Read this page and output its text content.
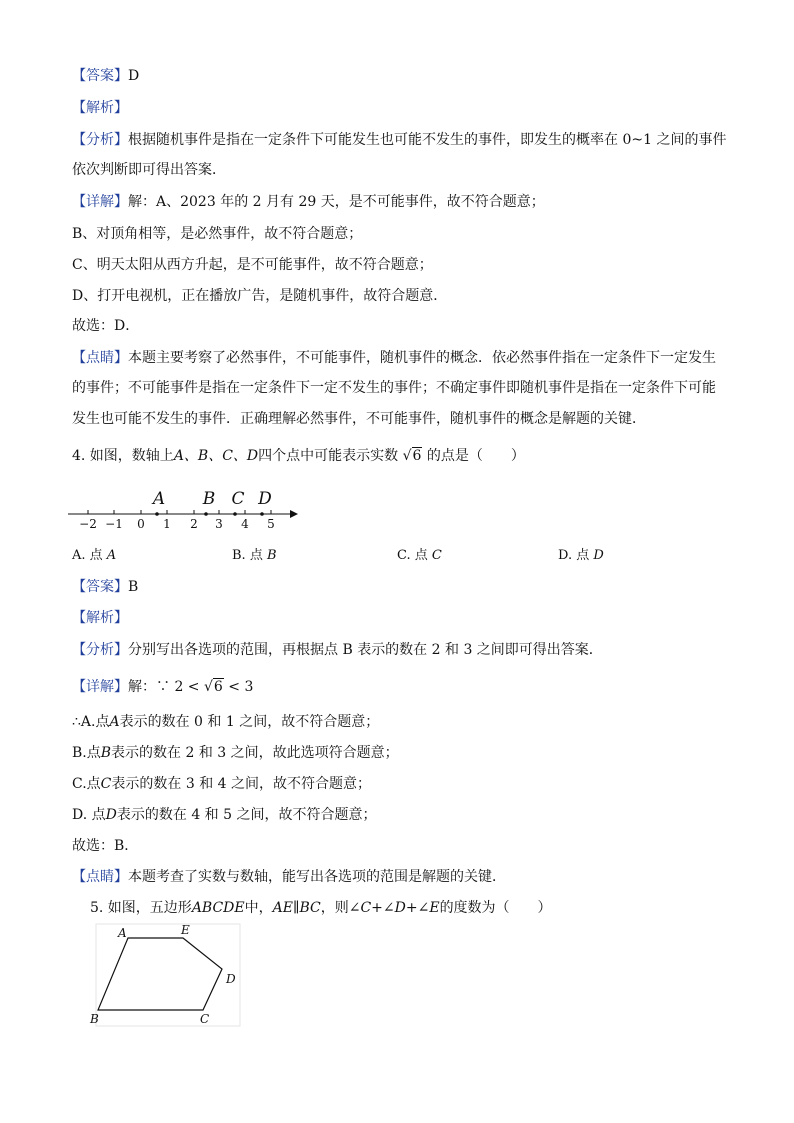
【答案】D
【解析】
【分析】根据随机事件是指在一定条件下可能发生也可能不发生的事件，即发生的概率在 0~1 之间的事件
依次判断即可得出答案．
【详解】解：A、2023 年的 2 月有 29 天，是不可能事件，故不符合题意；
B、对顶角相等，是必然事件，故不符合题意；
C、明天太阳从西方升起，是不可能事件，故不符合题意；
D、打开电视机，正在播放广告，是随机事件，故符合题意．
故选：D．
【点睛】本题主要考察了必然事件，不可能事件，随机事件的概念．依必然事件指在一定条件下一定发生
的事件；不可能事件是指在一定条件下一定不发生的事件；不确定事件即随机事件是指在一定条件下可能
发生也可能不发生的事件．正确理解必然事件，不可能事件，随机事件的概念是解题的关键．
4. 如图，数轴上A、B、C、D四个点中可能表示实数 √6 的点是（　　）
−2 −1 0 1 2 3 4 5
A B C D
A. 点 A	B. 点 B	C. 点 C	D. 点 D
【答案】B
【解析】
【分析】分别写出各选项的范围，再根据点 B 表示的数在 2 和 3 之间即可得出答案．
【详解】解：∵ 2 < √6 < 3
∴A.点A表示的数在 0 和 1 之间，故不符合题意；
B.点B表示的数在 2 和 3 之间，故此选项符合题意；
C.点C表示的数在 3 和 4 之间，故不符合题意；
D. 点D表示的数在 4 和 5 之间，故不符合题意；
故选：B．
【点睛】本题考查了实数与数轴，能写出各选项的范围是解题的关键．
5. 如图，五边形ABCDE中，AE∥BC，则∠C+∠D+∠E的度数为（　　）
A	E
D
C
B
